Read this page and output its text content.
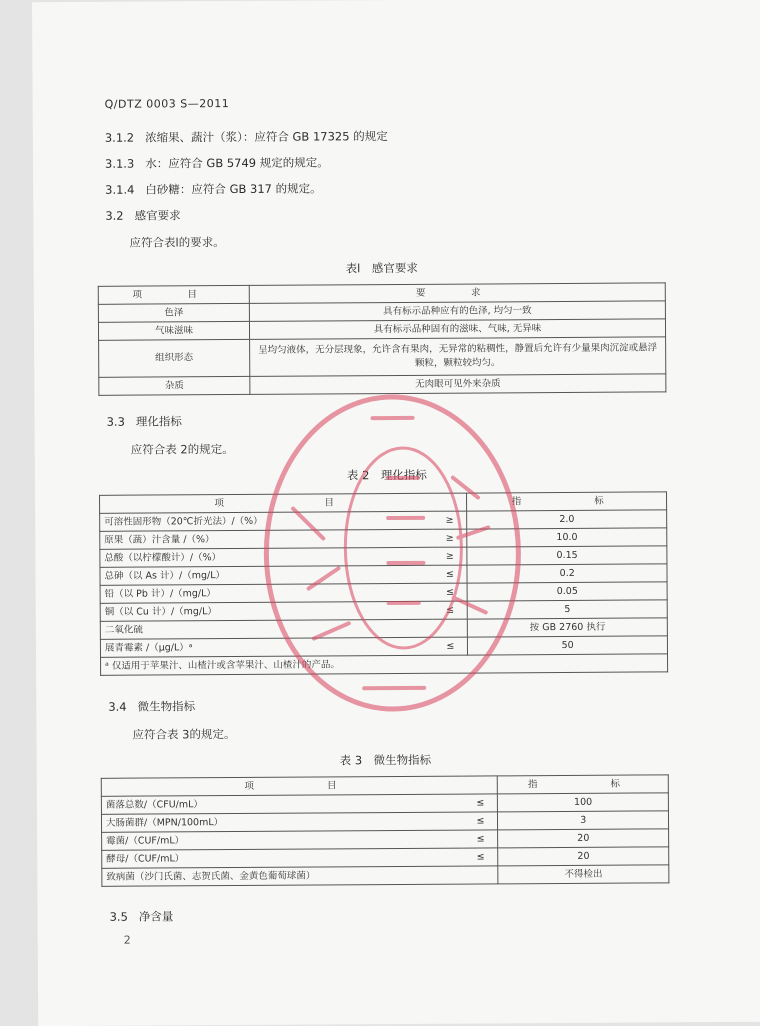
Q/DTZ 0003 S—2011
3.1.2 浓缩果、蔬汁（浆）：应符合 GB 17325 的规定
3.1.3 水：应符合 GB 5749 规定的规定。
3.1.4 白砂糖：应符合 GB 317 的规定。
3.2 感官要求
应符合表l的要求。
表l　感官要求
项　目	要　求
色泽	具有标示品种应有的色泽, 均匀一致
气味滋味	具有标示品种固有的滋味、气味, 无异味
组织形态	呈均匀液体，无分层现象，允许含有果肉，无异常的粘稠性，静置后允许有少量果肉沉淀或悬浮颗粒，颗粒较均匀。
杂质	无肉眼可见外来杂质
3.3 理化指标
应符合表 2的规定。
表 2　理化指标
项　　　目		指　　标
可溶性固形物（20℃折光法）/（%）	≥	2.0
原果（蔬）汁含量 /（%）	≥	10.0
总酸（以柠檬酸计）/（%）	≥	0.15
总砷（以 As 计）/（mg/L）	≤	0.2
铅（以 Pb 计）/（mg/L）	≤	0.05
铜（以 Cu 计）/（mg/L）	≤	5
二氧化硫		按 GB 2760 执行
展青霉素 /（μg/L）ᵃ	≤	50
ᵃ 仅适用于苹果汁、山楂汁或含苹果汁、山楂汁的产品。		
3.4 微生物指标
应符合表 3的规定。
表 3　微生物指标
项　　目		指　　标
菌落总数/（CFU/mL）	≤	100
大肠菌群/（MPN/100mL）	≤	3
霉菌/（CUF/mL）	≤	20
酵母/（CUF/mL）	≤	20
致病菌（沙门氏菌、志贺氏菌、金黄色葡萄球菌）		不得检出
3.5 净含量
2
